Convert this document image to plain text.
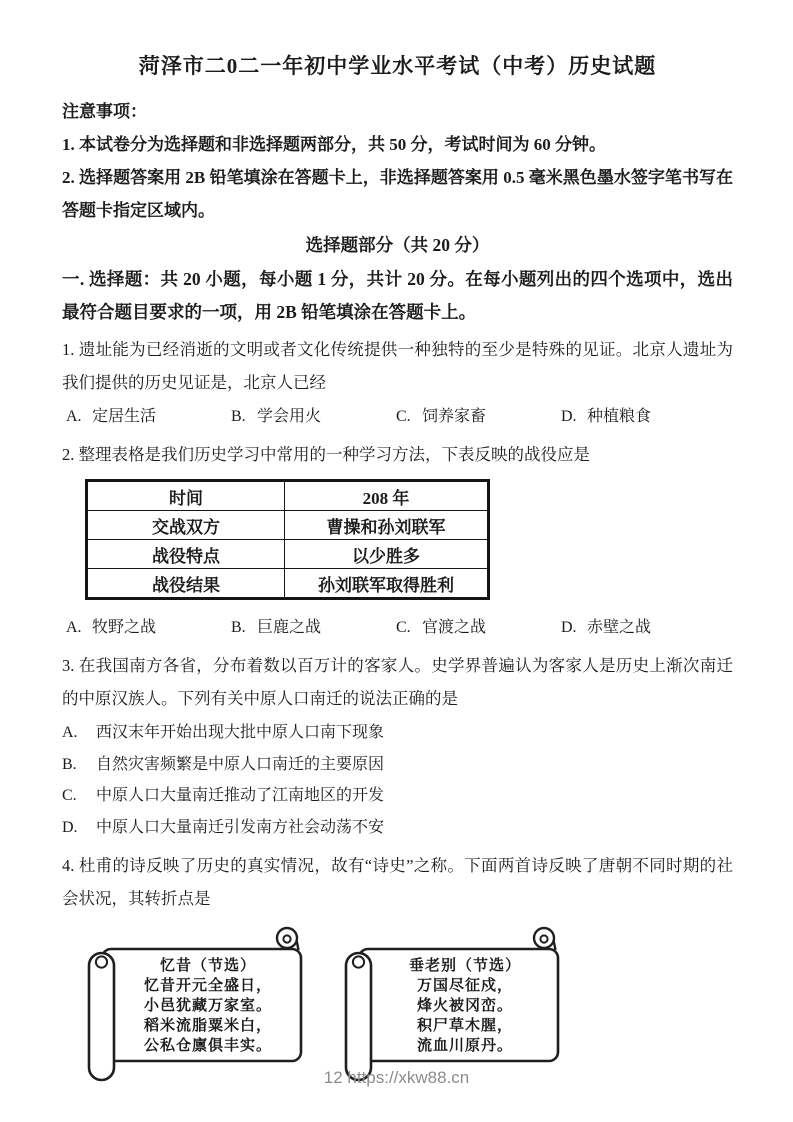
菏泽市二0二一年初中学业水平考试（中考）历史试题

注意事项：

1. 本试卷分为选择题和非选择题两部分，共 50 分，考试时间为 60 分钟。

2. 选择题答案用 2B 铅笔填涂在答题卡上，非选择题答案用 0.5 毫米黑色墨水签字笔书写在答题卡指定区域内。

选择题部分（共 20 分）

一. 选择题：共 20 小题，每小题 1 分，共计 20 分。在每小题列出的四个选项中，选出最符合题目要求的一项，用 2B 铅笔填涂在答题卡上。

1. 遗址能为已经消逝的文明或者文化传统提供一种独特的至少是特殊的见证。北京人遗址为我们提供的历史见证是，北京人已经

A. 定居生活	B. 学会用火	C. 饲养家畜	D. 种植粮食

2. 整理表格是我们历史学习中常用的一种学习方法，下表反映的战役应是

时间	208 年
交战双方	曹操和孙刘联军
战役特点	以少胜多
战役结果	孙刘联军取得胜利
A. 牧野之战	B. 巨鹿之战	C. 官渡之战	D. 赤壁之战

3. 在我国南方各省，分布着数以百万计的客家人。史学界普遍认为客家人是历史上渐次南迁的中原汉族人。下列有关中原人口南迁的说法正确的是

A. 西汉末年开始出现大批中原人口南下现象
B. 自然灾害频繁是中原人口南迁的主要原因
C. 中原人口大量南迁推动了江南地区的开发
D. 中原人口大量南迁引发南方社会动荡不安

4. 杜甫的诗反映了历史的真实情况，故有“诗史”之称。下面两首诗反映了唐朝不同时期的社会状况，其转折点是

忆昔（节选）
忆昔开元全盛日，
小邑犹藏万家室。
稻米流脂粟米白，
公私仓廪俱丰实。
垂老别（节选）
万国尽征戍，
烽火被冈峦。
积尸草木腥，
流血川原丹。
12 https://xkw88.cn
